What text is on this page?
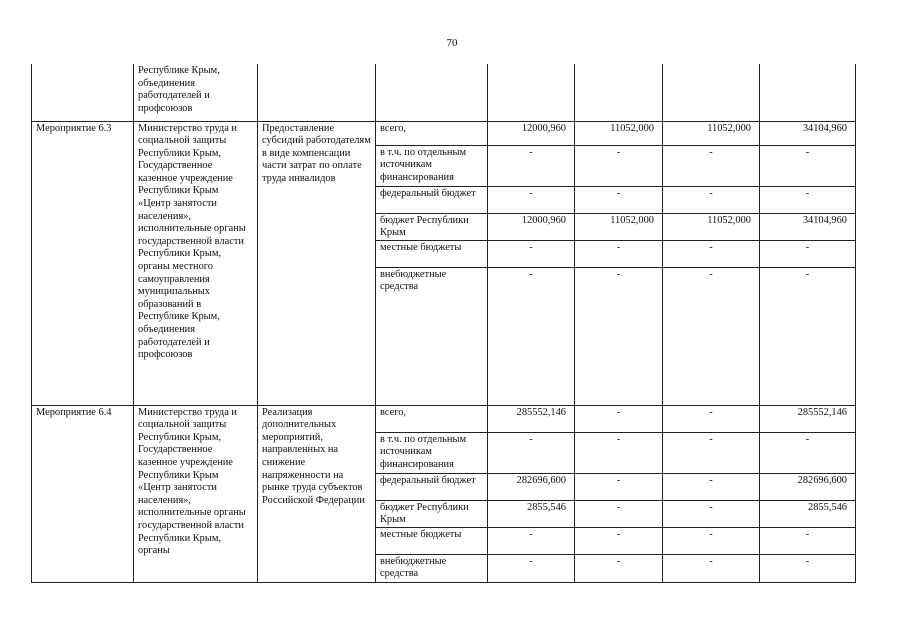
70
	Республике Крым, объединения работодателей и профсоюзов						
Мероприятие 6.3	Министерство труда и социальной защиты Республики Крым, Государственное казенное учреждение Республики Крым «Центр занятости населения», исполнительные органы государственной власти Республики Крым, органы местного самоуправления муниципальных образований в Республике Крым, объединения работодателей и профсоюзов	Предоставление субсидий работодателям в виде компенсации части затрат по оплате труда инвалидов	всего,	12000,960	11052,000	11052,000	34104,960
			в т.ч. по отдельным источникам финансирования	-	-	-	-
			федеральный бюджет	-	-	-	-
			бюджет Республики Крым	12000,960	11052,000	11052,000	34104,960
			местные бюджеты	-	-	-	-
			внебюджетные средства	-	-	-	-
Мероприятие 6.4	Министерство труда и социальной защиты Республики Крым, Государственное казенное учреждение Республики Крым «Центр занятости населения», исполнительные органы государственной власти Республики Крым, органы	Реализация дополнительных мероприятий, направленных на снижение напряженности на рынке труда субъектов Российской Федерации	всего,	285552,146	-	-	285552,146
			в т.ч. по отдельным источникам финансирования	-	-	-	-
			федеральный бюджет	282696,600	-	-	282696,600
			бюджет Республики Крым	2855,546	-	-	2855,546
			местные бюджеты	-	-	-	-
			внебюджетные средства	-	-	-	-
